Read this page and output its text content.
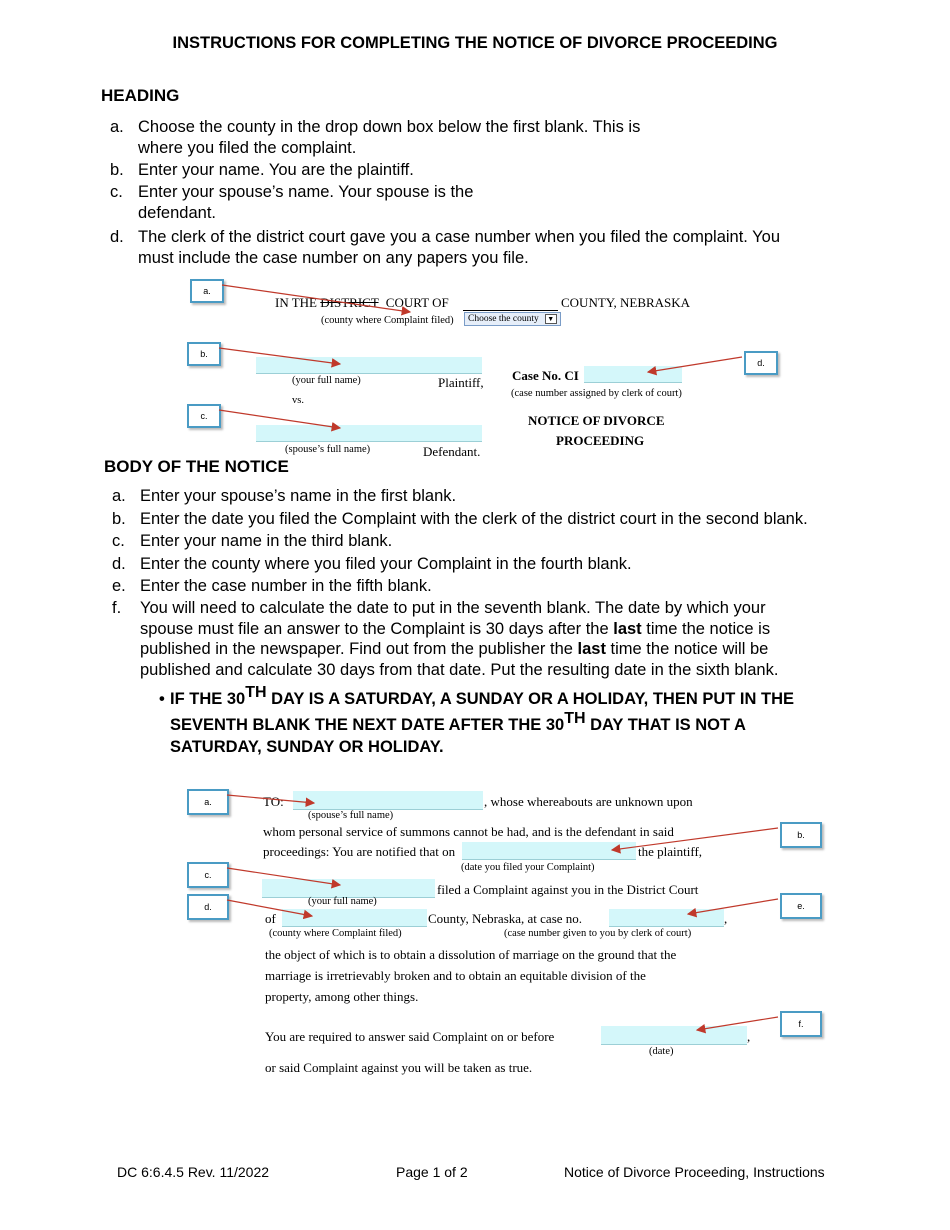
INSTRUCTIONS FOR COMPLETING THE NOTICE OF DIVORCE PROCEEDING
HEADING
a. Choose the county in the drop down box below the first blank. This is
where you filed the complaint.
b. Enter your name. You are the plaintiff.
c. Enter your spouse’s name. Your spouse is the
defendant.
d. The clerk of the district court gave you a case number when you filed the complaint. You
must include the case number on any papers you file.
IN THE DISTRICT COURT OF	COUNTY, NEBRASKA
(county where Complaint filed)	Choose the county ▼
(your full name)	Plaintiff,
vs.
(spouse’s full name)	Defendant.
Case No. CI
(case number assigned by clerk of court)
NOTICE OF DIVORCE
PROCEEDING
a.
b.
c.
d.
BODY OF THE NOTICE
a. Enter your spouse’s name in the first blank.
b. Enter the date you filed the Complaint with the clerk of the district court in the second blank.
c. Enter your name in the third blank.
d. Enter the county where you filed your Complaint in the fourth blank.
e. Enter the case number in the fifth blank.
f. You will need to calculate the date to put in the seventh blank. The date by which your
spouse must file an answer to the Complaint is 30 days after the last time the notice is
published in the newspaper. Find out from the publisher the last time the notice will be
published and calculate 30 days from that date. Put the resulting date in the sixth blank.
• IF THE 30TH DAY IS A SATURDAY, A SUNDAY OR A HOLIDAY, THEN PUT IN THE
SEVENTH BLANK THE NEXT DATE AFTER THE 30TH DAY THAT IS NOT A
SATURDAY, SUNDAY OR HOLIDAY.
TO:	, whose whereabouts are unknown upon
(spouse’s full name)
whom personal service of summons cannot be had, and is the defendant in said
proceedings: You are notified that on	the plaintiff,
(date you filed your Complaint)
filed a Complaint against you in the District Court
(your full name)
of	County, Nebraska, at case no.	,
(county where Complaint filed)	(case number given to you by clerk of court)
the object of which is to obtain a dissolution of marriage on the ground that the
marriage is irretrievably broken and to obtain an equitable division of the
property, among other things.
You are required to answer said Complaint on or before	,
(date)
or said Complaint against you will be taken as true.
a.
b.
c.
d.	e.
f.
DC 6:6.4.5 Rev. 11/2022	Page 1 of 2	Notice of Divorce Proceeding, Instructions
